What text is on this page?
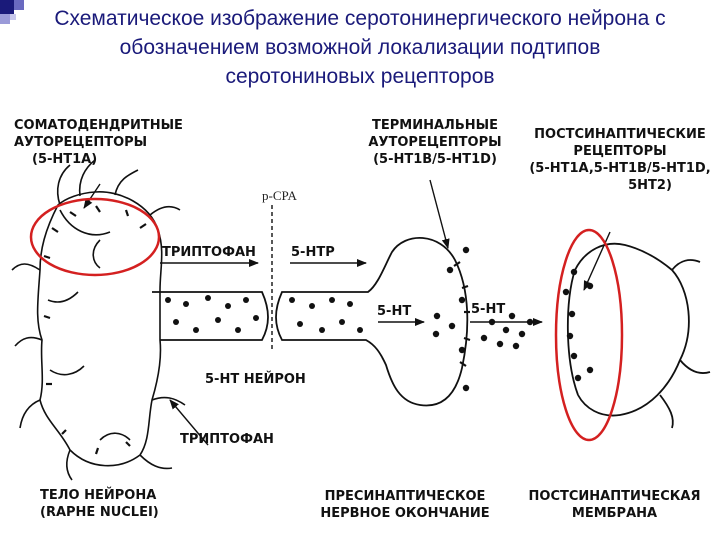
Схематическое изображение серотонинергического нейрона с
обозначением возможной локализации подтипов
серотониновых рецепторов
СОМАТОДЕНДРИТНЫЕ
АУТОРЕЦЕПТОРЫ
(5-HT1A)
p-CPA
ТРИПТОФАН	5-HTP
ТЕРМИНАЛЬНЫЕ
АУТОРЕЦЕПТОРЫ
(5-HT1B/5-HT1D)
ПОСТСИНАПТИЧЕСКИЕ
РЕЦЕПТОРЫ
(5-HT1A,5-HT1B/5-HT1D,
5HT2)
5-HT	5-HT
5-HT НЕЙРОН
ТРИПТОФАН
ТЕЛО НЕЙРОНА
(RAPHE NUCLEI)
ПРЕСИНАПТИЧЕСКОЕ
НЕРВНОЕ ОКОНЧАНИЕ
ПОСТСИНАПТИЧЕСКАЯ
МЕМБРАНА
